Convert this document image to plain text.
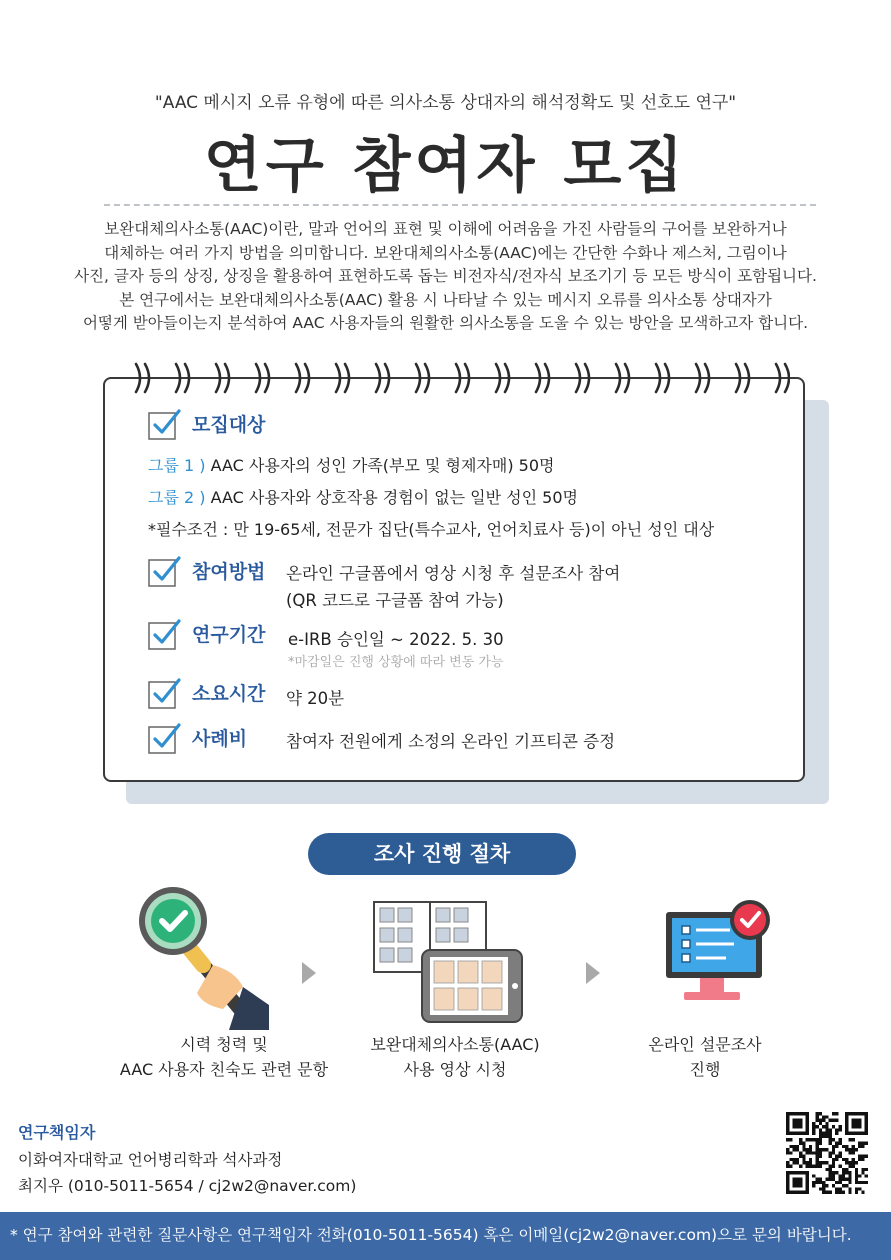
"AAC 메시지 오류 유형에 따른 의사소통 상대자의 해석정확도 및 선호도 연구"
연구 참여자 모집
보완대체의사소통(AAC)이란, 말과 언어의 표현 및 이해에 어려움을 가진 사람들의 구어를 보완하거나
대체하는 여러 가지 방법을 의미합니다. 보완대체의사소통(AAC)에는 간단한 수화나 제스처, 그림이나
사진, 글자 등의 상징, 상징을 활용하여 표현하도록 돕는 비전자식/전자식 보조기기 등 모든 방식이 포함됩니다.
본 연구에서는 보완대체의사소통(AAC) 활용 시 나타날 수 있는 메시지 오류를 의사소통 상대자가
어떻게 받아들이는지 분석하여 AAC 사용자들의 원활한 의사소통을 도울 수 있는 방안을 모색하고자 합니다.
모집대상
그룹 1 ) AAC 사용자의 성인 가족(부모 및 형제자매) 50명
그룹 2 ) AAC 사용자와 상호작용 경험이 없는 일반 성인 50명
*필수조건 : 만 19-65세, 전문가 집단(특수교사, 언어치료사 등)이 아닌 성인 대상
참여방법 온라인 구글폼에서 영상 시청 후 설문조사 참여
(QR 코드로 구글폼 참여 가능)
연구기간 e-IRB 승인일 ~ 2022. 5. 30
*마감일은 진행 상황에 따라 변동 가능
소요시간 약 20분
사례비 참여자 전원에게 소정의 온라인 기프티콘 증정
조사 진행 절차
시력 청력 및
AAC 사용자 친숙도 관련 문항
보완대체의사소통(AAC)
사용 영상 시청
온라인 설문조사
진행
연구책임자
이화여자대학교 언어병리학과 석사과정
최지우 (010-5011-5654 / cj2w2@naver.com)
* 연구 참여와 관련한 질문사항은 연구책임자 전화(010-5011-5654) 혹은 이메일(cj2w2@naver.com)으로 문의 바랍니다.
